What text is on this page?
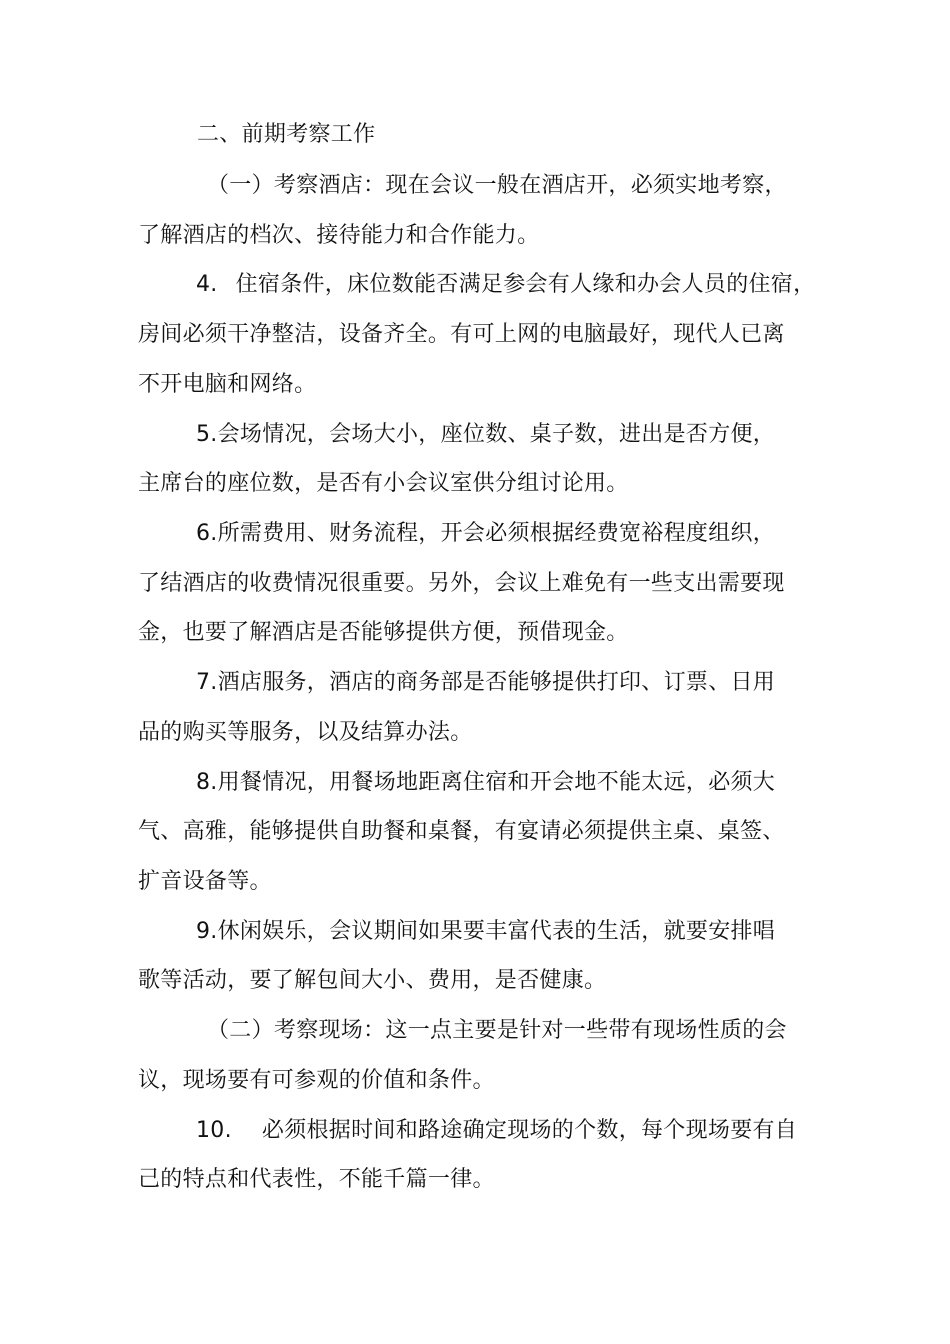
二、前期考察工作
（一）考察酒店：现在会议一般在酒店开，必须实地考察，
了解酒店的档次、接待能力和合作能力。
4. 住宿条件，床位数能否满足参会有人缘和办会人员的住宿，
房间必须干净整洁，设备齐全。有可上网的电脑最好，现代人已离
不开电脑和网络。
5.会场情况，会场大小，座位数、桌子数，进出是否方便，
主席台的座位数，是否有小会议室供分组讨论用。
6.所需费用、财务流程，开会必须根据经费宽裕程度组织，
了结酒店的收费情况很重要。另外，会议上难免有一些支出需要现
金，也要了解酒店是否能够提供方便，预借现金。
7.酒店服务，酒店的商务部是否能够提供打印、订票、日用
品的购买等服务，以及结算办法。
8.用餐情况，用餐场地距离住宿和开会地不能太远，必须大
气、高雅，能够提供自助餐和桌餐，有宴请必须提供主桌、桌签、
扩音设备等。
9.休闲娱乐，会议期间如果要丰富代表的生活，就要安排唱
歌等活动，要了解包间大小、费用，是否健康。
（二）考察现场：这一点主要是针对一些带有现场性质的会
议，现场要有可参观的价值和条件。
10. 必须根据时间和路途确定现场的个数，每个现场要有自
己的特点和代表性，不能千篇一律。
